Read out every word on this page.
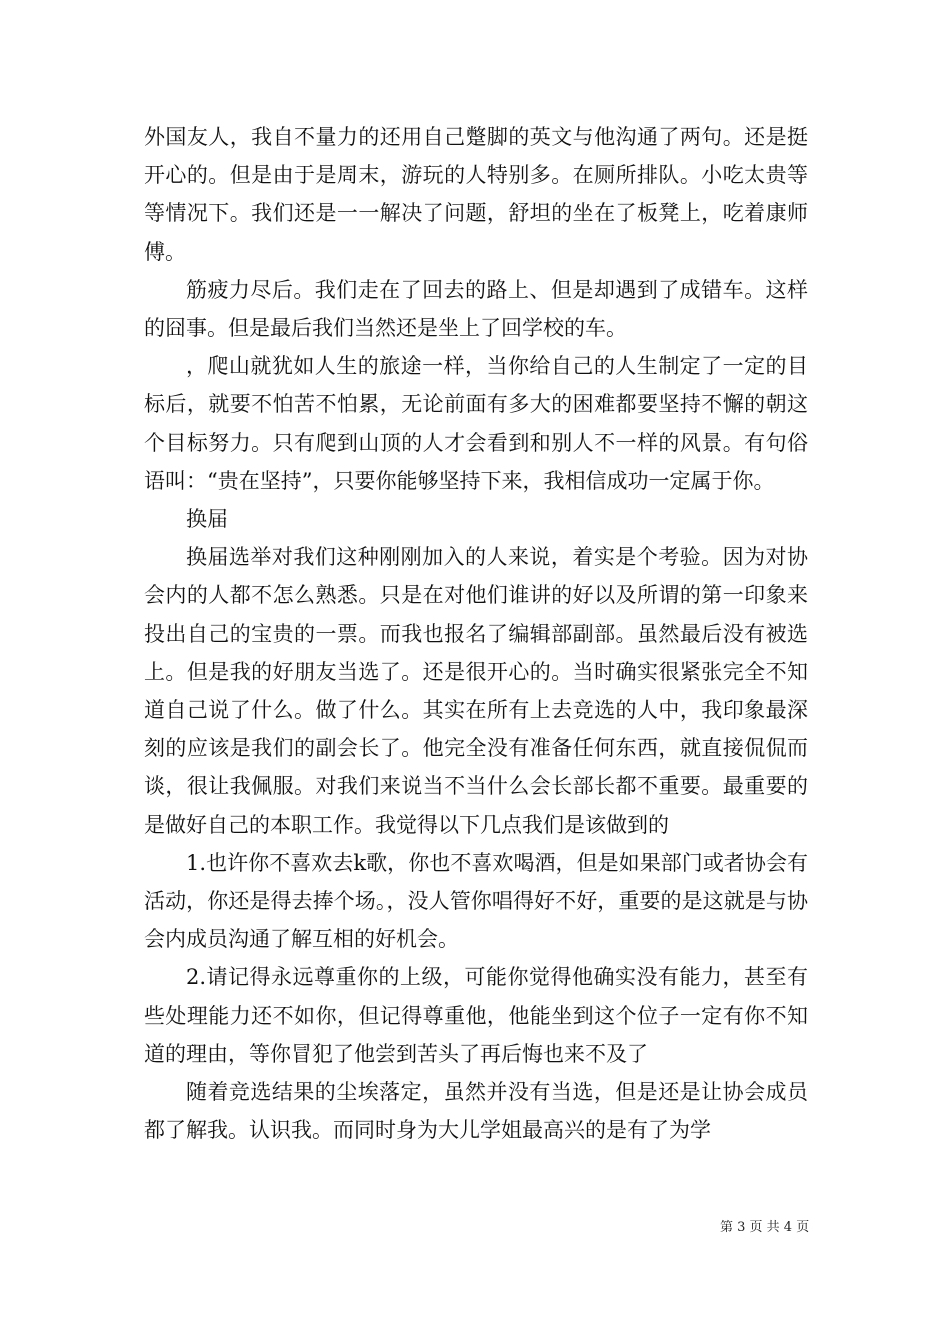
外国友人，我自不量力的还用自己蹩脚的英文与他沟通了两句。还是挺开心的。但是由于是周末，游玩的人特别多。在厕所排队。小吃太贵等等情况下。我们还是一一解决了问题，舒坦的坐在了板凳上，吃着康师傅。

筋疲力尽后。我们走在了回去的路上、但是却遇到了成错车。这样的囧事。但是最后我们当然还是坐上了回学校的车。

，爬山就犹如人生的旅途一样，当你给自己的人生制定了一定的目标后，就要不怕苦不怕累，无论前面有多大的困难都要坚持不懈的朝这个目标努力。只有爬到山顶的人才会看到和别人不一样的风景。有句俗语叫：“贵在坚持”，只要你能够坚持下来，我相信成功一定属于你。

换届

换届选举对我们这种刚刚加入的人来说，着实是个考验。因为对协会内的人都不怎么熟悉。只是在对他们谁讲的好以及所谓的第一印象来投出自己的宝贵的一票。而我也报名了编辑部副部。虽然最后没有被选上。但是我的好朋友当选了。还是很开心的。当时确实很紧张完全不知道自己说了什么。做了什么。其实在所有上去竞选的人中，我印象最深刻的应该是我们的副会长了。他完全没有准备任何东西，就直接侃侃而谈，很让我佩服。对我们来说当不当什么会长部长都不重要。最重要的是做好自己的本职工作。我觉得以下几点我们是该做到的

1.也许你不喜欢去k歌，你也不喜欢喝酒，但是如果部门或者协会有活动，你还是得去捧个场。，没人管你唱得好不好，重要的是这就是与协会内成员沟通了解互相的好机会。

2.请记得永远尊重你的上级，可能你觉得他确实没有能力，甚至有些处理能力还不如你，但记得尊重他，他能坐到这个位子一定有你不知道的理由，等你冒犯了他尝到苦头了再后悔也来不及了

随着竞选结果的尘埃落定，虽然并没有当选，但是还是让协会成员都了解我。认识我。而同时身为大儿学姐最高兴的是有了为学

第 3 页 共 4 页
